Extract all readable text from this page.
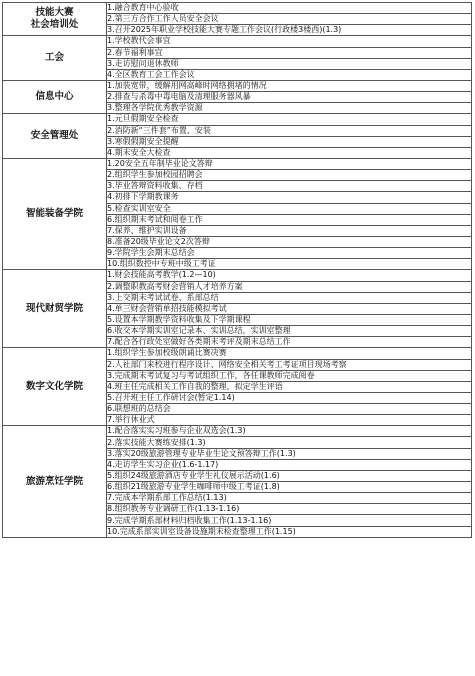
技能大赛
社会培训处	1.融合教育中心验收
	2.第三方合作工作人员安全会议
	3.召开2025年职业学校技能大赛专题工作会议(行政楼3楼西)(1.3)

工会	1.学校教代会事宜
	2.春节福利事宜
	3.走访慰问退休教师
	4.全区教育工会工作会议

信息中心	1.加装宽带，缓解用网高峰时网络拥堵的情况
	2.排查与杀毒中毒电脑及清理服务器风暴
	3.整理各学院优秀教学资源

安全管理处	1.元旦假期安全检查
	2.消防新“三件套”布置、安装
	3.寒假假期安全提醒
	4.期末安全大检查

智能装备学院	1.20安全五年制毕业论文答辩
	2.组织学生参加校园招聘会
	3.毕业答辩资料收集、存档
	4.初排下学期教课务
	5.检查实训室安全
	6.组织期末考试和阅卷工作
	7.保养、维护实训设备
	8.准备20级毕业论文2次答辩
	9.学院学生会期末总结会
	10.组织数控中专班中级工考证

现代财贸学院	1.财会技能高考教学(1.2—10)
	2.调整职教高考财会营销人才培养方案
	3.上交期末考试试卷、系部总结
	4.单三财会营销单招技能模拟考试
	5.设置本学期教学资料收集及下学期课程
	6.收交本学期实训室记录本、实训总结，实训室整理
	7.配合各行政处室做好各类期末考评及期末总结工作

数字文化学院	1.组织学生参加校级朗诵比赛决赛
	2.人社部门来校进行程序设计、网络安全相关考工考证项目现场考察
	3.完成期末考试复习与考试组织工作，各任课教师完成阅卷
	4.班主任完成相关工作自我的整理，拟定学生评语
	5.召开班主任工作研讨会(暂定1.14)
	6.联想班的总结会
	7.举行休业式

旅游烹饪学院	1.配合落实实习班参与企业双选会(1.3)
	2.落实技能大赛练安排(1.3)
	3.落实20级旅游管理专业毕业生论文预答辩工作(1.3)
	4.走访学生实习企业(1.6-1.17)
	5.组织24级旅游酒店专业学生礼仪展示活动(1.6)
	6.组织21级旅游专业学生咖啡师中级工考证(1.8)
	7.完成本学期系部工作总结(1.13)
	8.组织教务专业调研工作(1.13-1.16)
	9.完成学期系部材料归档收集工作(1.13-1.16)
	10.完成系部实训室设备设施期末检查整理工作(1.15)
